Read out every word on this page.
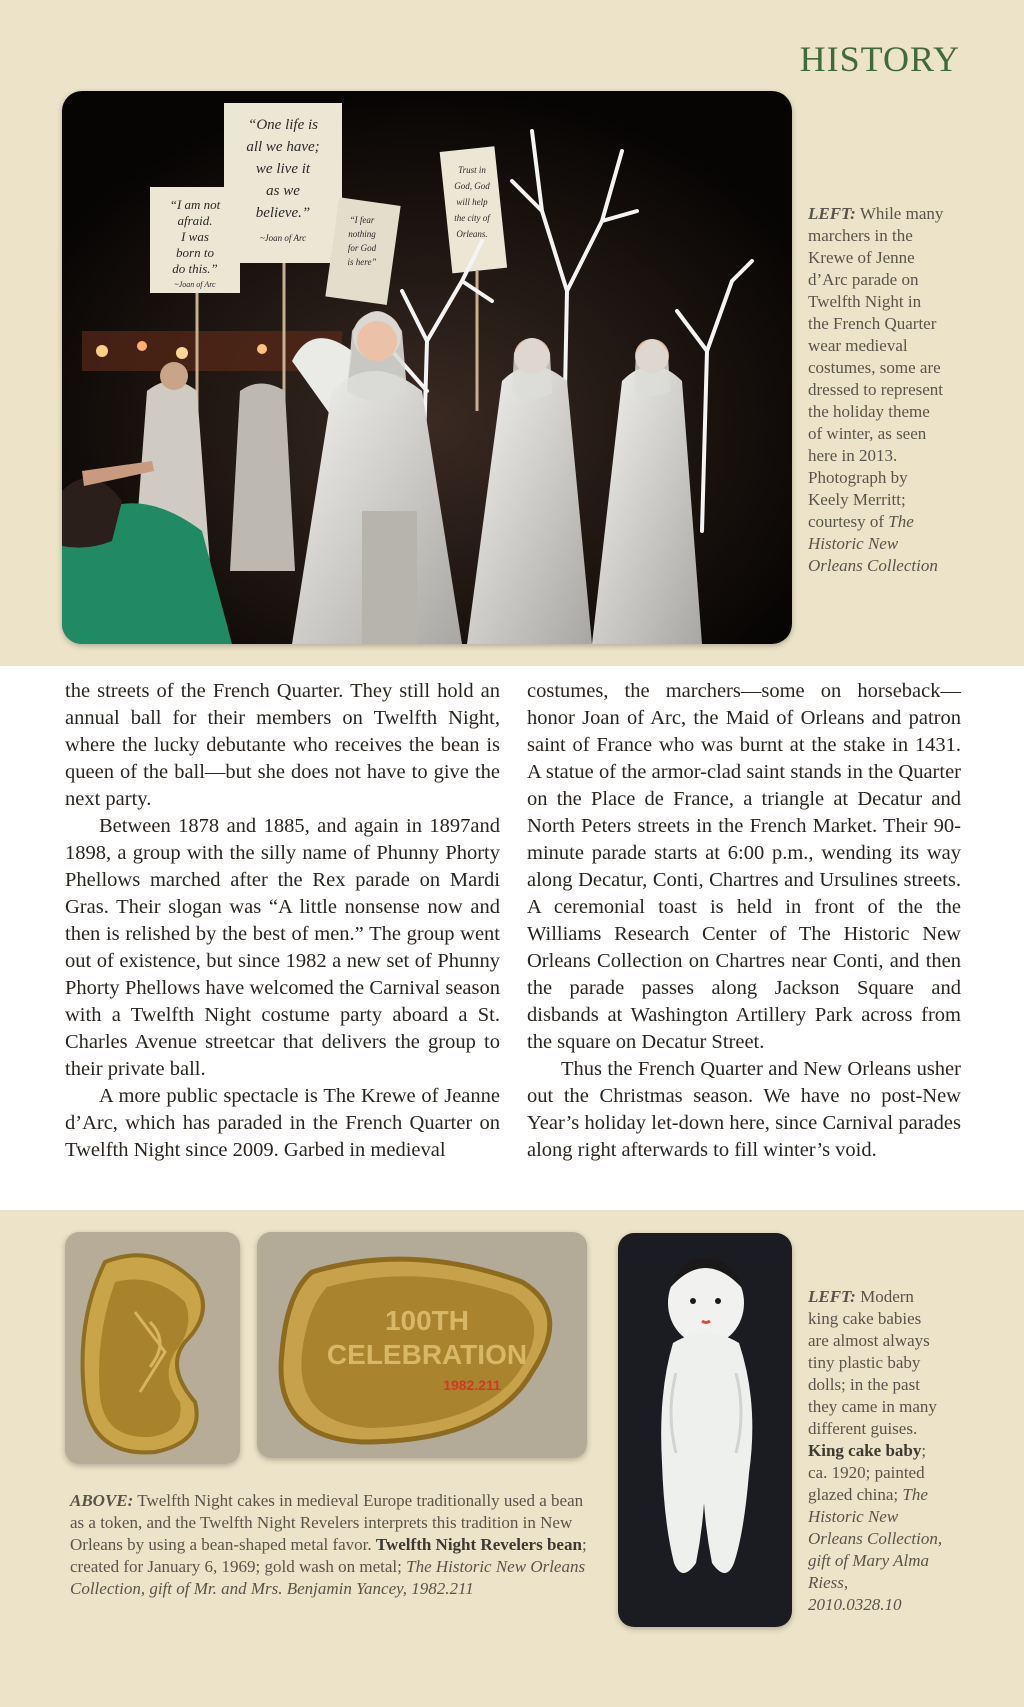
HISTORY
“I am not
afraid.
I was
born to
do this.”
~Joan of Arc
“One life is
all we have;
we live it
as we
believe.”
~Joan of Arc
“I fear
nothing
for God
is here”
Trust in
God, God
will help
the city of
Orleans.
LEFT: While many marchers in the Krewe of Jenne d’Arc parade on Twelfth Night in the French Quarter wear medieval costumes, some are dressed to represent the holiday theme of winter, as seen here in 2013. Photograph by Keely Merritt; courtesy of The Historic New Orleans Collection

the streets of the French Quarter. They still hold an annual ball for their members on Twelfth Night, where the lucky debutante who receives the bean is queen of the ball—but she does not have to give the next party.

Between 1878 and 1885, and again in 1897and 1898, a group with the silly name of Phunny Phorty Phellows marched after the Rex parade on Mardi Gras. Their slogan was “A little nonsense now and then is relished by the best of men.” The group went out of existence, but since 1982 a new set of Phunny Phorty Phellows have welcomed the Carnival season with a Twelfth Night costume party aboard a St. Charles Avenue streetcar that delivers the group to their private ball.

A more public spectacle is The Krewe of Jeanne d’Arc, which has paraded in the French Quarter on Twelfth Night since 2009. Garbed in medieval

costumes, the marchers—some on horseback—honor Joan of Arc, the Maid of Orleans and patron saint of France who was burnt at the stake in 1431. A statue of the armor-clad saint stands in the Quarter on the Place de France, a triangle at Decatur and North Peters streets in the French Market. Their 90-minute parade starts at 6:00 p.m., wending its way along Decatur, Conti, Chartres and Ursulines streets. A ceremonial toast is held in front of the the Williams Research Center of The Historic New Orleans Collection on Chartres near Conti, and then the parade passes along Jackson Square and disbands at Washington Artillery Park across from the square on Decatur Street.

Thus the French Quarter and New Orleans usher out the Christmas season. We have no post-New Year’s holiday let-down here, since Carnival parades along right afterwards to fill winter’s void.

100TH
CELEBRATION
1982.211
ABOVE: Twelfth Night cakes in medieval Europe traditionally used a bean as a token, and the Twelfth Night Revelers interprets this tradition in New Orleans by using a bean-shaped metal favor. Twelfth Night Revelers bean; created for January 6, 1969; gold wash on metal; The Historic New Orleans Collection, gift of Mr. and Mrs. Benjamin Yancey, 1982.211
LEFT: Modern king cake babies are almost always tiny plastic baby dolls; in the past they came in many different guises. King cake baby; ca. 1920; painted glazed china; The Historic New Orleans Collection, gift of Mary Alma Riess, 2010.0328.10
